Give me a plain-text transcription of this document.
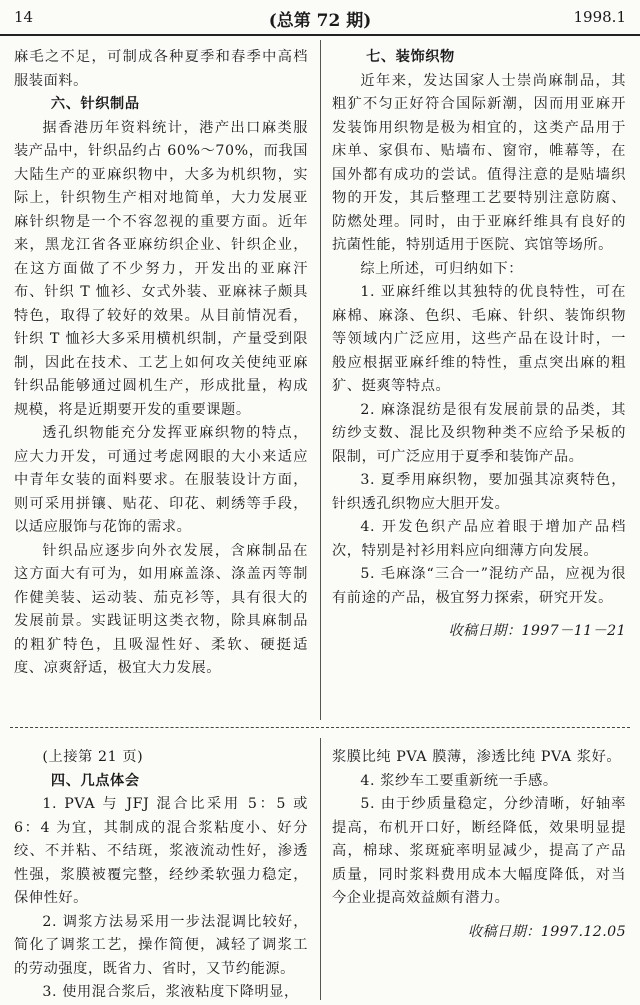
14	(总第 72 期)	1998.1

麻毛之不足，可制成各种夏季和春季中高档服装面料。

六、针织制品

据香港历年资料统计，港产出口麻类服装产品中，针织品约占 60%～70%，而我国大陆生产的亚麻织物中，大多为机织物，实际上，针织物生产相对地简单，大力发展亚麻针织物是一个不容忽视的重要方面。近年来，黑龙江省各亚麻纺织企业、针织企业，在这方面做了不少努力，开发出的亚麻汗布、针织 T 恤衫、女式外装、亚麻袜子颇具特色，取得了较好的效果。从目前情况看，针织 T 恤衫大多采用横机织制，产量受到限制，因此在技术、工艺上如何攻关使纯亚麻针织品能够通过圆机生产，形成批量，构成规模，将是近期要开发的重要课题。

透孔织物能充分发挥亚麻织物的特点，应大力开发，可通过考虑网眼的大小来适应中青年女装的面料要求。在服装设计方面，则可采用拼镶、贴花、印花、刺绣等手段，以适应服饰与花饰的需求。

针织品应逐步向外衣发展，含麻制品在这方面大有可为，如用麻盖涤、涤盖丙等制作健美装、运动装、茄克衫等，具有很大的发展前景。实践证明这类衣物，除具麻制品的粗犷特色，且吸湿性好、柔软、硬挺适度、凉爽舒适，极宜大力发展。

七、装饰织物

近年来，发达国家人士崇尚麻制品，其粗犷不匀正好符合国际新潮，因而用亚麻开发装饰用织物是极为相宜的，这类产品用于床单、家俱布、贴墙布、窗帘，帷幕等，在国外都有成功的尝试。值得注意的是贴墙织物的开发，其后整理工艺要特别注意防腐、防燃处理。同时，由于亚麻纤维具有良好的抗菌性能，特别适用于医院、宾馆等场所。

综上所述，可归纳如下：

1. 亚麻纤维以其独特的优良特性，可在麻棉、麻涤、色织、毛麻、针织、装饰织物等领域内广泛应用，这些产品在设计时，一般应根据亚麻纤维的特性，重点突出麻的粗犷、挺爽等特点。

2. 麻涤混纺是很有发展前景的品类，其纺纱支数、混比及织物种类不应给予呆板的限制，可广泛应用于夏季和装饰产品。

3. 夏季用麻织物，要加强其凉爽特色，针织透孔织物应大胆开发。

4. 开发色织产品应着眼于增加产品档次，特别是衬衫用料应向细薄方向发展。

5. 毛麻涤“三合一”混纺产品，应视为很有前途的产品，极宜努力探索，研究开发。

收稿日期：1997－11－21

(上接第 21 页)

四、几点体会

1. PVA 与 JFJ 混合比采用 5：5 或 6：4 为宜，其制成的混合浆粘度小、好分绞、不并粘、不结斑，浆液流动性好，渗透性强，浆膜被覆完整，经纱柔软强力稳定，保伸性好。

2. 调浆方法易采用一步法混调比较好，简化了调浆工艺，操作简便，减轻了调浆工的劳动强度，既省力、省时，又节约能源。

3. 使用混合浆后，浆液粘度下降明显，

浆膜比纯 PVA 膜薄，渗透比纯 PVA 浆好。

4. 浆纱车工要重新统一手感。

5. 由于纱质量稳定，分纱清晰，好轴率提高，布机开口好，断经降低，效果明显提高，棉球、浆斑疵率明显减少，提高了产品质量，同时浆料费用成本大幅度降低，对当今企业提高效益颇有潜力。

收稿日期：1997.12.05
